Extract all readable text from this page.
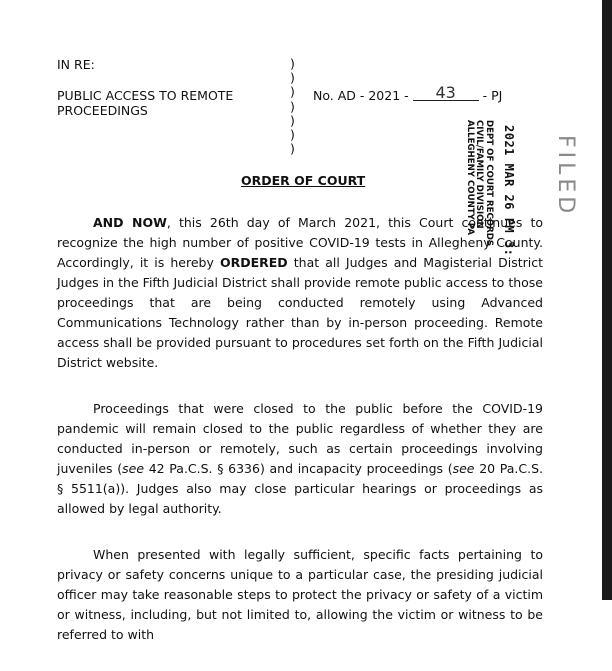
IN RE:
PUBLIC ACCESS TO REMOTE
PROCEEDINGS
)
)
)
)
)
)
)
No. AD - 2021 - 43 - PJ
2021 MAR 26 PM 3:
DEPT OF COURT RECORDS
CIVIL/FAMILY DIVISION
ALLEGHENY COUNTY PA	FILED
ORDER OF COURT

AND NOW, this 26th day of March 2021, this Court continues to recognize the high number of positive COVID-19 tests in Allegheny County. Accordingly, it is hereby ORDERED that all Judges and Magisterial District Judges in the Fifth Judicial District shall provide remote public access to those proceedings that are being conducted remotely using Advanced Communications Technology rather than by in-person proceeding. Remote access shall be provided pursuant to procedures set forth on the Fifth Judicial District website.

Proceedings that were closed to the public before the COVID-19 pandemic will remain closed to the public regardless of whether they are conducted in-person or remotely, such as certain proceedings involving juveniles (see 42 Pa.C.S. § 6336) and incapacity proceedings (see 20 Pa.C.S. § 5511(a)). Judges also may close particular hearings or proceedings as allowed by legal authority.

When presented with legally sufficient, specific facts pertaining to privacy or safety concerns unique to a particular case, the presiding judicial officer may take reasonable steps to protect the privacy or safety of a victim or witness, including, but not limited to, allowing the victim or witness to be referred to with
